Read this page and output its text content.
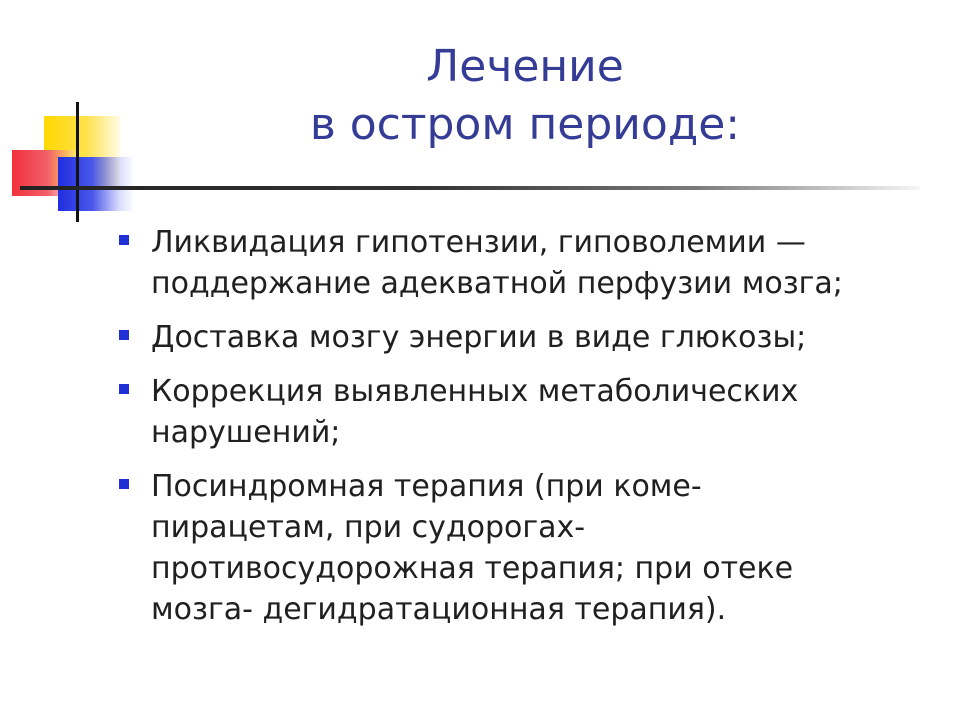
Лечение
в остром периоде:
Ликвидация гипотензии, гиповолемии —
поддержание адекватной перфузии мозга;
Доставка мозгу энергии в виде глюкозы;
Коррекция выявленных метаболических
нарушений;
Посиндромная терапия (при коме-
пирацетам, при судорогах-
противосудорожная терапия; при отеке
мозга- дегидратационная терапия).
